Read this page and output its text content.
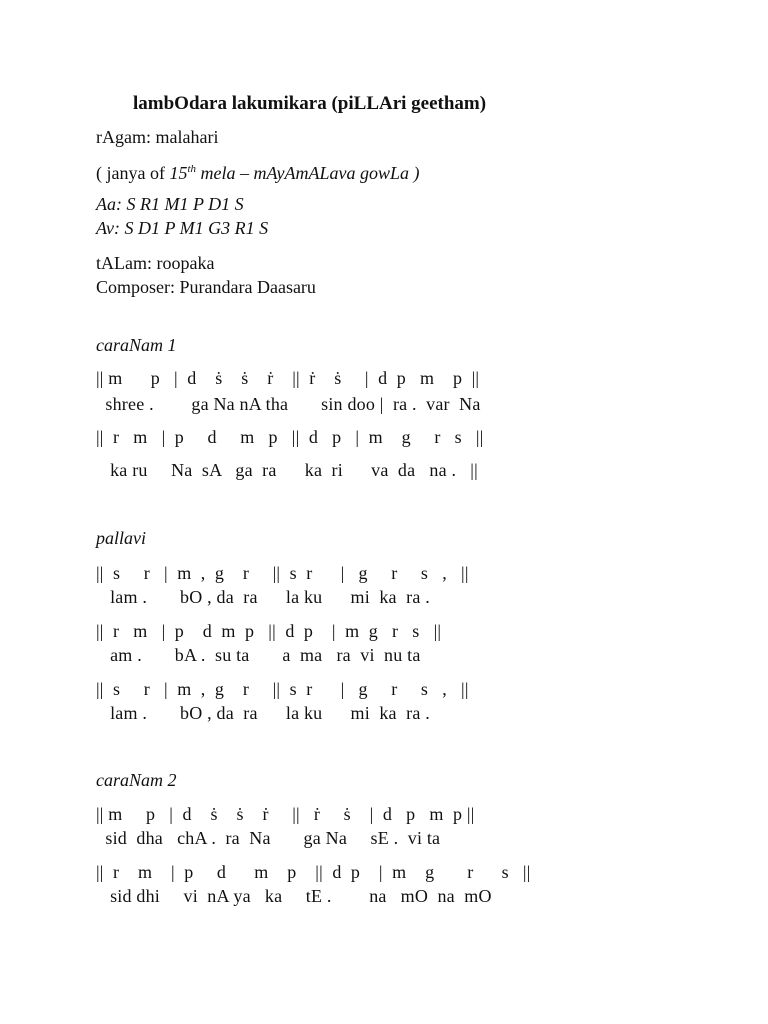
lambOdara lakumikara (piLLAri geetham)
rAgam: malahari
( janya of 15th mela – mAyAmALava gowLa )
Aa: S R1 M1 P D1 S
Av: S D1 P M1 G3 R1 S
tALam: roopaka
Composer: Purandara Daasaru
caraNam 1
|| m      p   |  d    ṡ    ṡ    ṙ    ||  ṙ    ṡ     |  d  p   m    p  ||
shree .        ga Na nA tha       sin doo |  ra .  var  Na
||  r   m   |  p     d     m   p   ||  d   p   |  m    g     r   s   ||
ka ru     Na  sA   ga  ra      ka  ri      va  da   na .   ||
pallavi
||  s     r   |  m  ,  g    r     ||  s  r      |   g     r     s   ,   ||
lam .       bO , da  ra      la ku      mi  ka  ra .
||  r   m   |  p    d  m  p   ||  d  p    |  m  g   r   s   ||
am .       bA .  su ta       a  ma   ra  vi  nu ta
||  s     r   |  m  ,  g    r     ||  s  r      |   g     r     s   ,   ||
lam .       bO , da  ra      la ku      mi  ka  ra .
caraNam 2
|| m     p   |  d    ṡ    ṡ    ṙ     ||   ṙ     ṡ    |  d   p   m  p ||
sid  dha   chA .  ra  Na       ga Na     sE .  vi ta
||  r    m    |  p     d      m    p    ||  d  p    |  m    g       r      s   ||
sid dhi     vi  nA ya   ka     tE .        na   mO  na  mO
